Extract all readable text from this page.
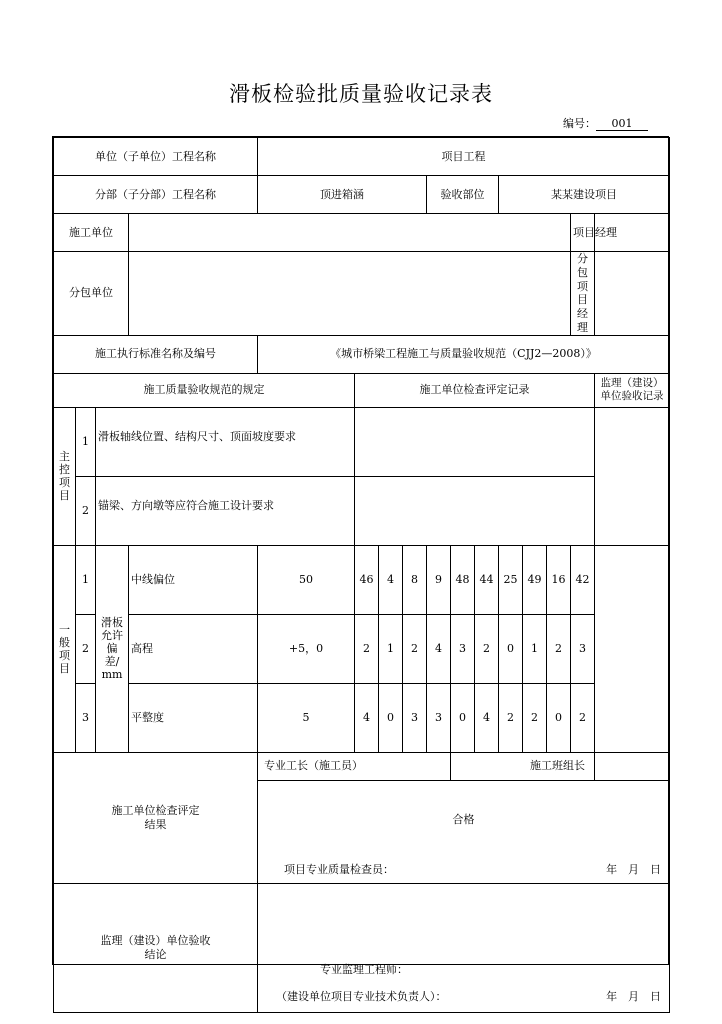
滑板检验批质量验收记录表
编号： 001
单位（子单位）工程名称				项目工程											
分部（子分部）工程名称				顶进箱涵				验收部位			某某建设项目				
施工单位														项目经理	
分包单位														分包项目经理	
施工执行标准名称及编号				《城市桥梁工程施工与质量验收规范（CJJ2—2008）》											
施工质量验收规范的规定					施工单位检查评定记录										监理（建设）单位验收记录

主控项目	1	滑板轴线位置、结构尺寸、顶面坡度要求													
	2	锚梁、方向墩等应符合施工设计要求													

一般项目	1	滑板允许偏差/mm	中线偏位	50	46	4	8	9	48	44	25	49	16	42	
	2		高程	+5，0	2	1	2	4	3	2	0	1	2	3	
	3		平整度	5	4	0	3	3	0	4	2	2	0	2	
施工单位检查评定结果				专业工长（施工员）											施工班组长

				合格
项目专业质量检查员： 年　月　日											

监理（建设）单位验收结论				专业监理工程师：
（建设单位项目专业技术负责人）： 年　月　日											
